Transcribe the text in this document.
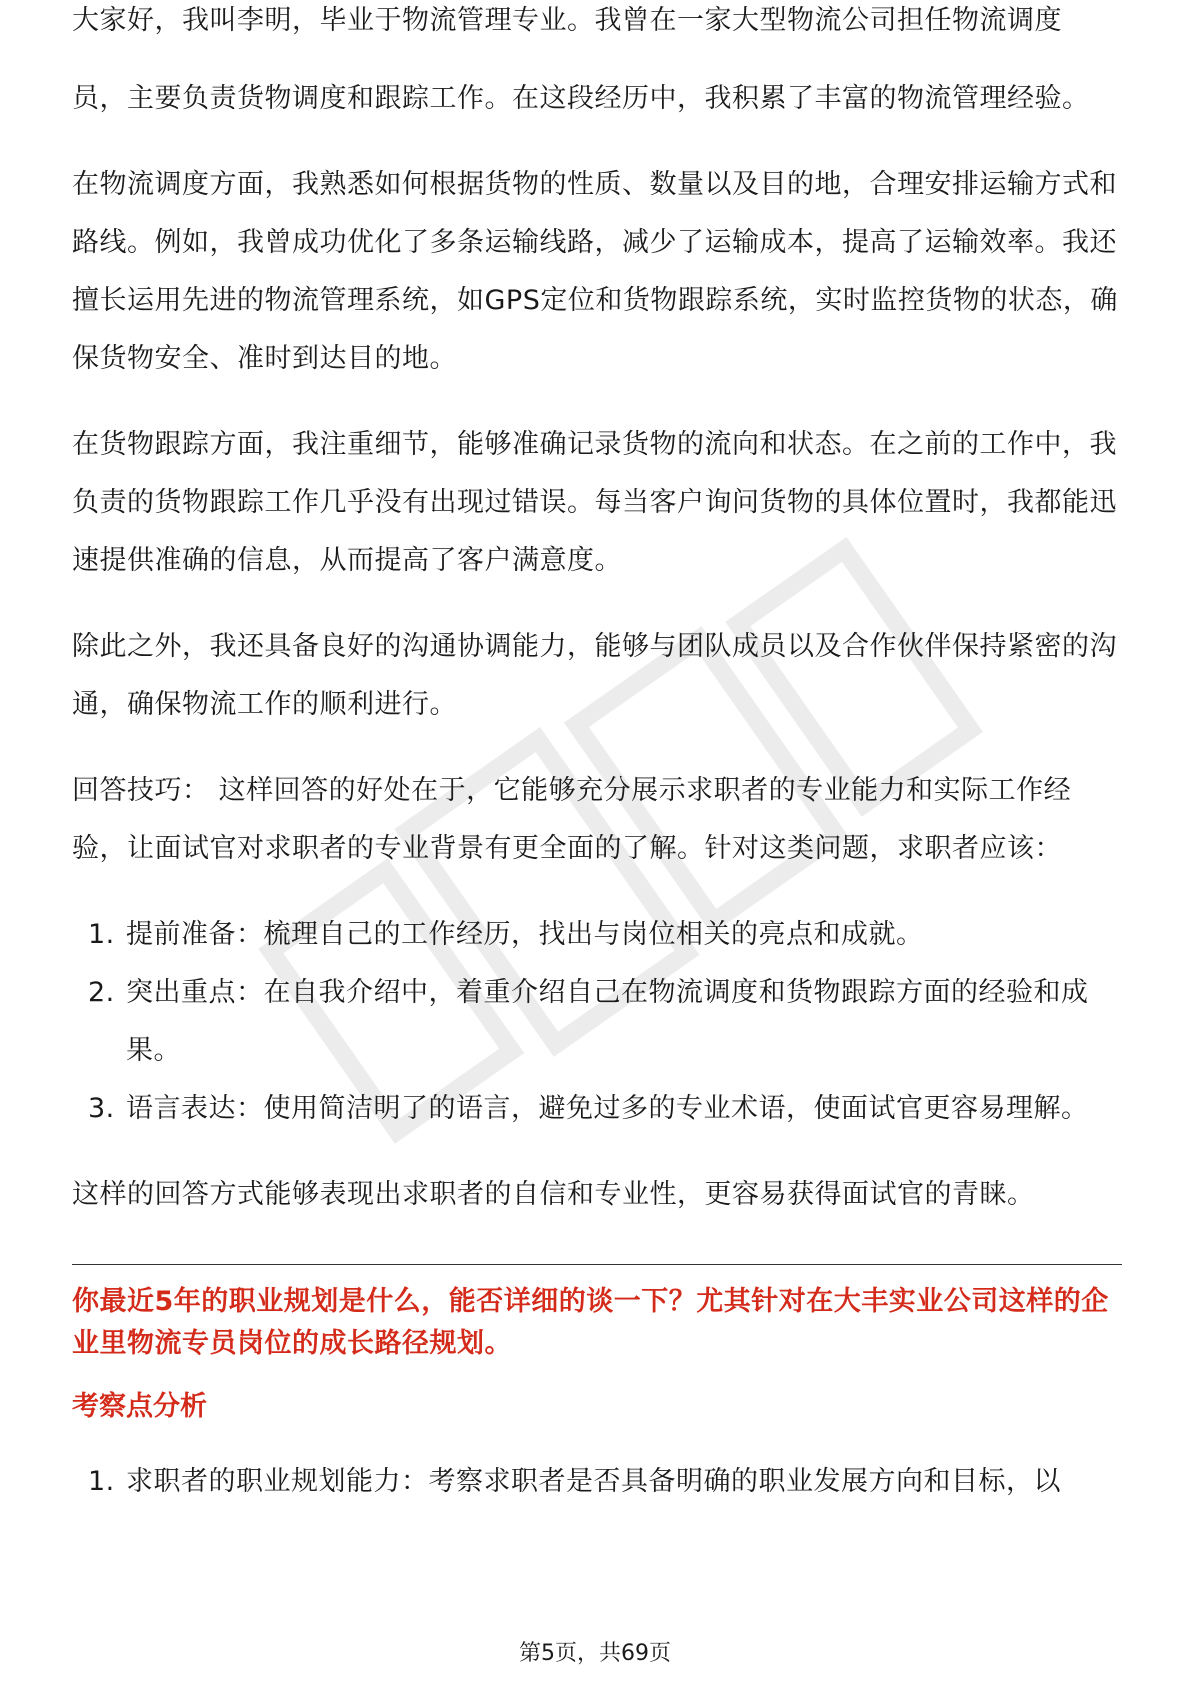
大家好，我叫李明，毕业于物流管理专业。我曾在一家大型物流公司担任物流调度

员，主要负责货物调度和跟踪工作。在这段经历中，我积累了丰富的物流管理经验。

在物流调度方面，我熟悉如何根据货物的性质、数量以及目的地，合理安排运输方式和路线。例如，我曾成功优化了多条运输线路，减少了运输成本，提高了运输效率。我还擅长运用先进的物流管理系统，如GPS定位和货物跟踪系统，实时监控货物的状态，确保货物安全、准时到达目的地。

在货物跟踪方面，我注重细节，能够准确记录货物的流向和状态。在之前的工作中，我负责的货物跟踪工作几乎没有出现过错误。每当客户询问货物的具体位置时，我都能迅速提供准确的信息，从而提高了客户满意度。

除此之外，我还具备良好的沟通协调能力，能够与团队成员以及合作伙伴保持紧密的沟通，确保物流工作的顺利进行。

回答技巧： 这样回答的好处在于，它能够充分展示求职者的专业能力和实际工作经验，让面试官对求职者的专业背景有更全面的了解。针对这类问题，求职者应该：

1. 提前准备：梳理自己的工作经历，找出与岗位相关的亮点和成就。
2. 突出重点：在自我介绍中，着重介绍自己在物流调度和货物跟踪方面的经验和成果。
3. 语言表达：使用简洁明了的语言，避免过多的专业术语，使面试官更容易理解。

这样的回答方式能够表现出求职者的自信和专业性，更容易获得面试官的青睐。

你最近5年的职业规划是什么，能否详细的谈一下？尤其针对在大丰实业公司这样的企业里物流专员岗位的成长路径规划。

考察点分析

1. 求职者的职业规划能力：考察求职者是否具备明确的职业发展方向和目标，以
第5页，共69页
